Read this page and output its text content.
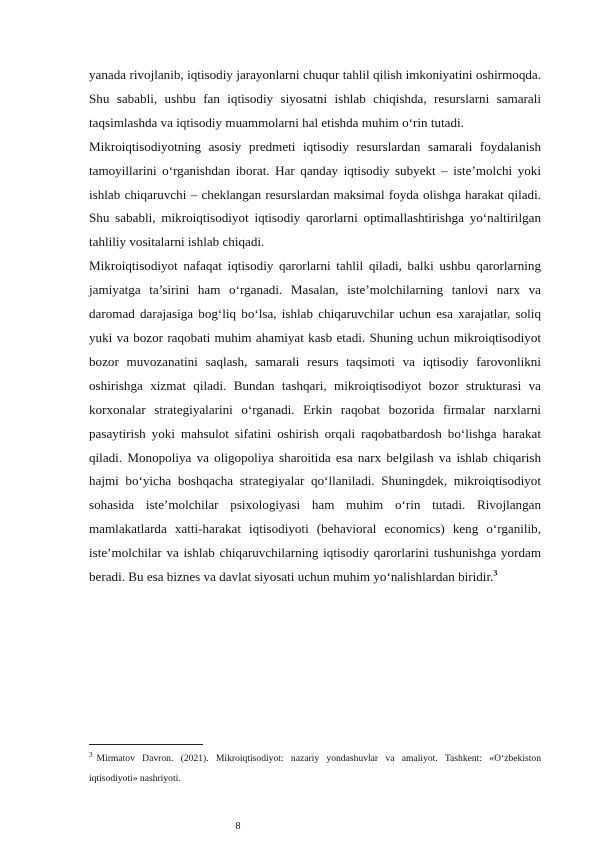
yanada rivojlanib, iqtisodiy jarayonlarni chuqur tahlil qilish imkoniyatini oshirmoqda. Shu sababli, ushbu fan iqtisodiy siyosatni ishlab chiqishda, resurslarni samarali taqsimlashda va iqtisodiy muammolarni hal etishda muhim o‘rin tutadi.

Mikroiqtisodiyotning asosiy predmeti iqtisodiy resurslardan samarali foydalanish tamoyillarini o‘rganishdan iborat. Har qanday iqtisodiy subyekt – iste’molchi yoki ishlab chiqaruvchi – cheklangan resurslardan maksimal foyda olishga harakat qiladi. Shu sababli, mikroiqtisodiyot iqtisodiy qarorlarni optimallashtirishga yo‘naltirilgan tahliliy vositalarni ishlab chiqadi.

Mikroiqtisodiyot nafaqat iqtisodiy qarorlarni tahlil qiladi, balki ushbu qarorlarning jamiyatga ta’sirini ham o‘rganadi. Masalan, iste’molchilarning tanlovi narx va daromad darajasiga bog‘liq bo‘lsa, ishlab chiqaruvchilar uchun esa xarajatlar, soliq yuki va bozor raqobati muhim ahamiyat kasb etadi. Shuning uchun mikroiqtisodiyot bozor muvozanatini saqlash, samarali resurs taqsimoti va iqtisodiy farovonlikni oshirishga xizmat qiladi. Bundan tashqari, mikroiqtisodiyot bozor strukturasi va korxonalar strategiyalarini o‘rganadi. Erkin raqobat bozorida firmalar narxlarni pasaytirish yoki mahsulot sifatini oshirish orqali raqobatbardosh bo‘lishga harakat qiladi. Monopoliya va oligopoliya sharoitida esa narx belgilash va ishlab chiqarish hajmi bo‘yicha boshqacha strategiyalar qo‘llaniladi. Shuningdek, mikroiqtisodiyot sohasida iste’molchilar psixologiyasi ham muhim o‘rin tutadi. Rivojlangan mamlakatlarda xatti-harakat iqtisodiyoti (behavioral economics) keng o‘rganilib, iste’molchilar va ishlab chiqaruvchilarning iqtisodiy qarorlarini tushunishga yordam beradi. Bu esa biznes va davlat siyosati uchun muhim yo‘nalishlardan biridir.$^3$

$^3$ Mirmatov Davron. (2021). Mikroiqtisodiyot: nazariy yondashuvlar va amaliyot. Tashkent: «O‘zbekiston iqtisodiyoti» nashriyoti.
8
